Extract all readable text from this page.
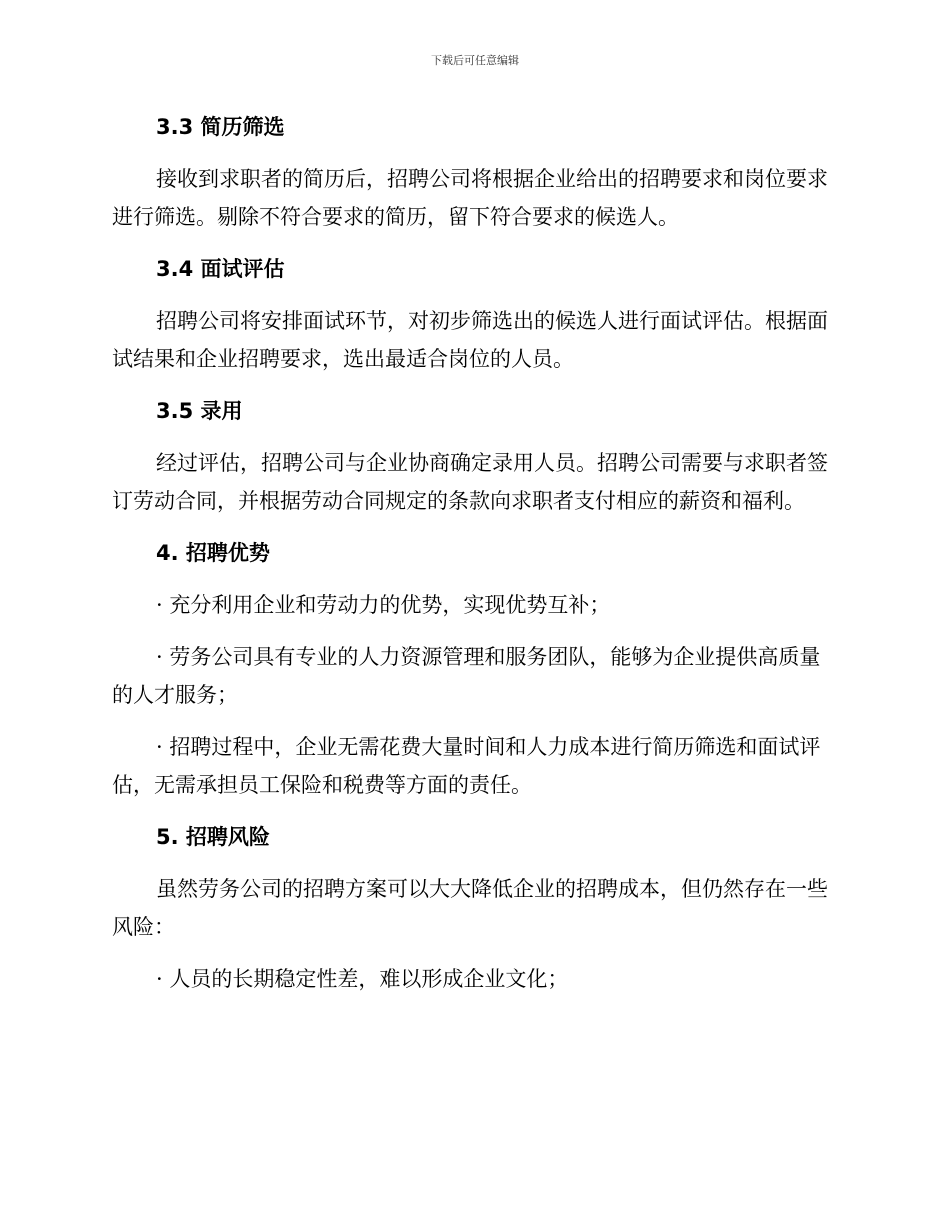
下载后可任意编辑
3.3 简历筛选

接收到求职者的简历后，招聘公司将根据企业给出的招聘要求和岗位要求进行筛选。剔除不符合要求的简历，留下符合要求的候选人。

3.4 面试评估

招聘公司将安排面试环节，对初步筛选出的候选人进行面试评估。根据面试结果和企业招聘要求，选出最适合岗位的人员。

3.5 录用

经过评估，招聘公司与企业协商确定录用人员。招聘公司需要与求职者签订劳动合同，并根据劳动合同规定的条款向求职者支付相应的薪资和福利。

4. 招聘优势

· 充分利用企业和劳动力的优势，实现优势互补；

· 劳务公司具有专业的人力资源管理和服务团队，能够为企业提供高质量的人才服务；

· 招聘过程中，企业无需花费大量时间和人力成本进行简历筛选和面试评估，无需承担员工保险和税费等方面的责任。

5. 招聘风险

虽然劳务公司的招聘方案可以大大降低企业的招聘成本，但仍然存在一些风险：

· 人员的长期稳定性差，难以形成企业文化；
